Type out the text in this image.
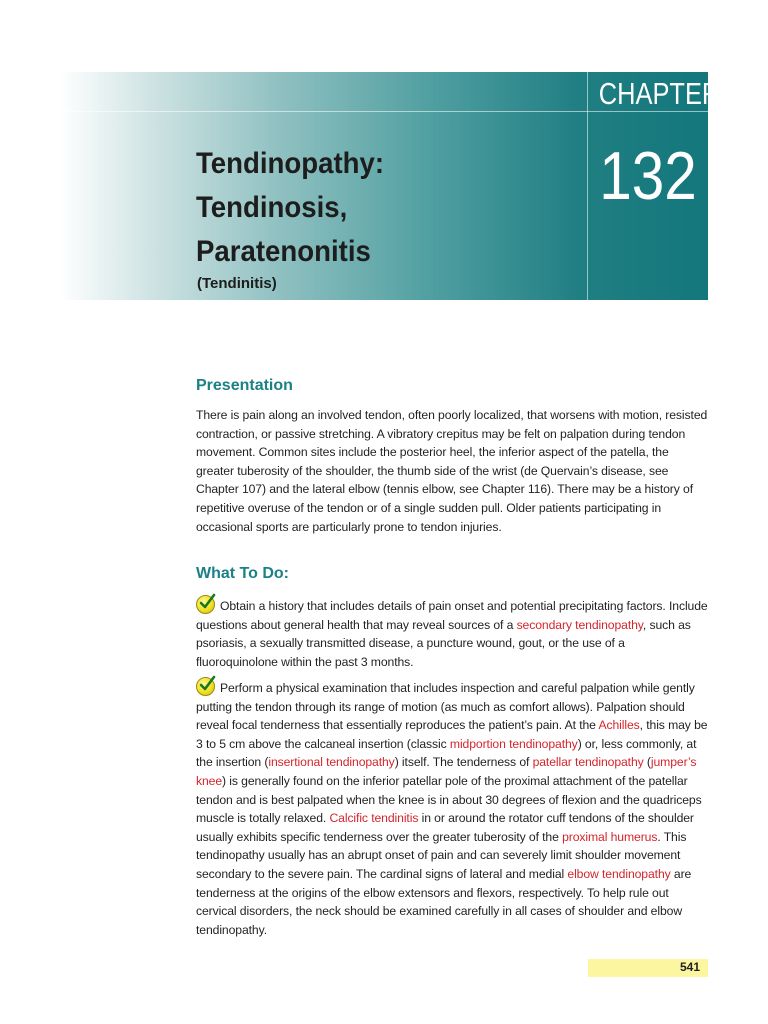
CHAPTER
132
Tendinopathy:
Tendinosis,
Paratenonitis
(Tendinitis)
Presentation

There is pain along an involved tendon, often poorly localized, that worsens with motion, resisted contraction, or passive stretching. A vibratory crepitus may be felt on palpation during tendon movement. Common sites include the posterior heel, the inferior aspect of the patella, the greater tuberosity of the shoulder, the thumb side of the wrist (de Quervain’s disease, see Chapter 107) and the lateral elbow (tennis elbow, see Chapter 116). There may be a history of repetitive overuse of the tendon or of a single sudden pull. Older patients participating in occasional sports are particularly prone to tendon injuries.

What To Do:

Obtain a history that includes details of pain onset and potential precipitating factors. Include questions about general health that may reveal sources of a secondary tendinopathy, such as psoriasis, a sexually transmitted disease, a puncture wound, gout, or the use of a fluoroquinolone within the past 3 months.

Perform a physical examination that includes inspection and careful palpation while gently putting the tendon through its range of motion (as much as comfort allows). Palpation should reveal focal tenderness that essentially reproduces the patient’s pain. At the Achilles, this may be 3 to 5 cm above the calcaneal insertion (classic midportion tendinopathy) or, less commonly, at the insertion (insertional tendinopathy) itself. The tenderness of patellar tendinopathy (jumper’s knee) is generally found on the inferior patellar pole of the proximal attachment of the patellar tendon and is best palpated when the knee is in about 30 degrees of flexion and the quadriceps muscle is totally relaxed. Calcific tendinitis in or around the rotator cuff tendons of the shoulder usually exhibits specific tenderness over the greater tuberosity of the proximal humerus. This tendinopathy usually has an abrupt onset of pain and can severely limit shoulder movement secondary to the severe pain. The cardinal signs of lateral and medial elbow tendinopathy are tenderness at the origins of the elbow extensors and flexors, respectively. To help rule out cervical disorders, the neck should be examined carefully in all cases of shoulder and elbow tendinopathy.

541
